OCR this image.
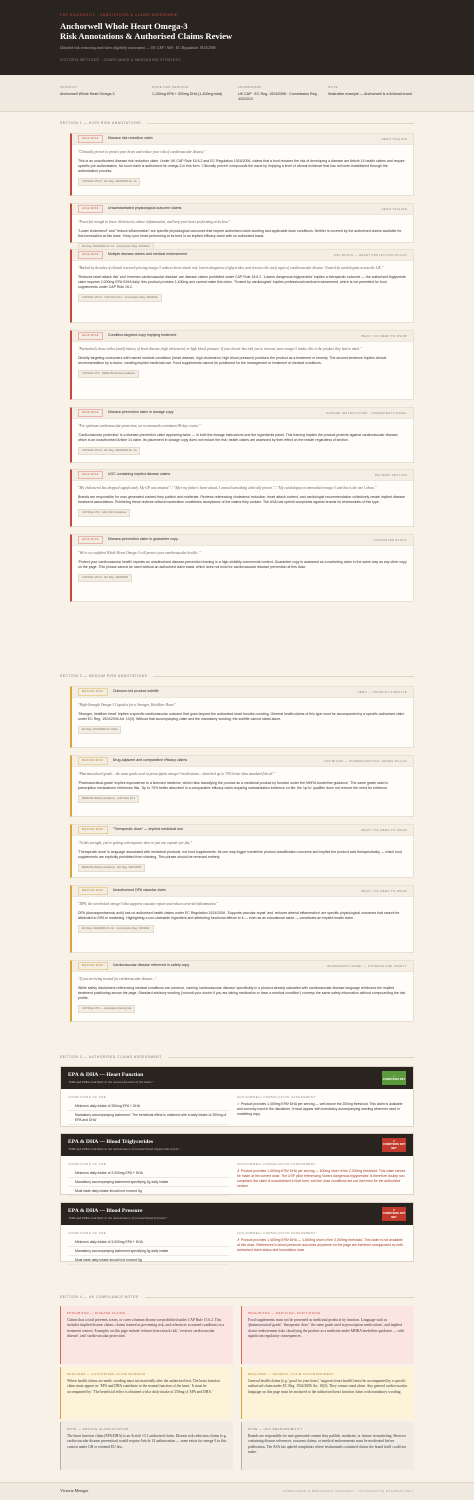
PDP DIAGNOSTIC · ANNOTATIONS & CLAIMS ASSESSMENT
Anchorwell Whole Heart Omega-3
Risk Annotations & Authorised Claims Review
Detailed risk reasoning and claim eligibility assessment — UK CAP / ASA · EC Regulation 1924/2006
VICTORIA METZGER · COMPLIANCE & MESSAGING STRATEGY
PRODUCT
Anchorwell Whole Heart Omega-3
DOSE PER SERVING
1,100mg EPA + 300mg DHA (1,400mg total)
FRAMEWORK
UK CAP · EC Reg. 1924/2006 · Commission Reg. 432/2012
NOTE
Illustrative example — Anchorwell is a fictional brand
SECTION 1 — HIGH RISK ANNOTATIONS
HIGH RISK	Disease risk reduction claim	HERO TAGLINE
"Clinically proven to protect your heart and reduce your risk of cardiovascular disease."
This is an unauthorised disease risk reduction claim. Under UK CAP Rule 15.6.2 and EC Regulation 1924/2006, claims that a food reduces the risk of developing a disease are Article 14 health claims and require specific pre-authorisation. No such claim is authorised for omega-3 in this form. 'Clinically proven' compounds the issue by implying a level of clinical evidence that has not been established through the authorisation process.
CAP Rule 15.6.2 · EC Reg. 1924/2006 Art. 14
HIGH RISK	Unsubstantiated physiological outcome claims	HERO TAGLINE
"Powerful enough to lower cholesterol, reduce inflammation, and keep your heart performing at its best."
"Lower cholesterol" and "reduce inflammation" are specific physiological outcomes that require authorised claim wording and applicable dose conditions. Neither is covered by the authorised claims available for this formulation at this dose. 'Keep your heart performing at its best' is an implied efficacy claim with no authorised basis.
EC Reg. 1924/2006 Art. 13 · Commission Reg. 432/2012
HIGH RISK	Multiple disease claims and medical endorsement	USP BLOCK — HEART PROTECTION PILLAR
"Backed by decades of clinical research proving omega-3 reduces heart attack risk, lowers dangerous triglycerides, and reverses the early signs of cardiovascular disease. Trusted by cardiologists across the UK."
'Reduces heart attack risk' and 'reverses cardiovascular disease' are disease claims prohibited under CAP Rule 15.6.2. 'Lowers dangerous triglycerides' implies a therapeutic outcome — the authorised triglyceride claim requires 2,000mg EPA+DHA daily; this product provides 1,400mg and cannot make this claim. 'Trusted by cardiologists' implies professional medical endorsement, which is not permitted for food supplements under CAP Rule 15.2.
CAP Rule 15.6.2 · CAP Rule 15.2 · Commission Reg. 432/2012
HIGH RISK	Condition-targeted copy implying treatment	WHAT YOU NEED TO KNOW
"Particularly those with a family history of heart disease, high cholesterol, or high blood pressure. If your doctor has told you to increase your omega-3 intake, this is the product they had in mind."
Directly targeting consumers with named medical conditions (heart disease, high cholesterol, high blood pressure) positions the product as a treatment or remedy. The second sentence implies clinical recommendation by a doctor, creating implied medicinal use. Food supplements cannot be positioned for the management or treatment of medical conditions.
CAP Rule 15.6 · MHRA Borderline Guidance
HIGH RISK	Disease-prevention claim in dosage copy	DOSAGE INSTRUCTIONS · INGREDIENTS PANEL
"For optimum cardiovascular protection, we recommend a minimum 90-day course."
'Cardiovascular protection' is a disease-prevention claim appearing twice — in both the dosage instructions and the ingredients panel. This framing implies the product protects against cardiovascular disease, which is an unauthorised Article 14 claim. Its placement in dosage copy does not reduce the risk; health claims are assessed by their effect on the reader regardless of section.
CAP Rule 15.6.2 · EC Reg. 1924/2006 Art. 14
HIGH RISK	UGC containing implied disease claims	REVIEWS SECTION
"My cholesterol has dropped significantly. My GP was amazed." / "After my father's heart attack, I wanted something clinically proven." / "My cardiologist recommended omega-3 and this is the one I chose."
Brands are responsible for user-generated content they publish and moderate. Reviews referencing cholesterol reduction, heart attack context, and cardiologist recommendation collectively create implied disease treatment associations. Publishing these reviews without moderation constitutes acceptance of the claims they contain. The ASA has upheld complaints against brands for testimonials of this type.
CAP Rule 15.6 · ASA UGC Guidance
HIGH RISK	Disease-prevention claim in guarantee copy	GUARANTEE BLOCK
"We're so confident Whole Heart Omega-3 will protect your cardiovascular health..."
'Protect your cardiovascular health' repeats an unauthorised disease-prevention framing in a high-visibility commercial context. Guarantee copy is assessed as a marketing claim in the same way as any other copy on the page. This phrase cannot be used without an authorised claim basis, which does not exist for cardiovascular disease prevention at this dose.
CAP Rule 15.6.2 · EC Reg. 1924/2006
SECTION 2 — MEDIUM RISK ANNOTATIONS
MEDIUM RISK	Outcome-led product subtitle	HERO — PRODUCT SUBTITLE
"High-Strength Omega-3 Capsules for a Stronger, Healthier Heart"
'Stronger, healthier heart' implies a specific cardiovascular outcome that goes beyond the authorised heart function wording. General health claims of this type must be accompanied by a specific authorised claim under EC Reg. 1924/2006 Art. 10(3). Without that accompanying claim and the mandatory wording, the subtitle cannot stand alone.
EC Reg. 1924/2006 Art. 10(3)
MEDIUM RISK	Drug-adjacent and comparative efficacy claims	USP BLOCK — PHARMACEUTICAL-GRADE PILLAR
"Pharmaceutical-grade... the same grade used in prescription omega-3 medications... absorbed up to 70% better than standard fish oil."
'Pharmaceutical-grade' implies equivalence to a licensed medicine, which risks classifying the product as a medicinal product by function under the MHRA borderline guidance. 'The same grade used in prescription medications' reinforces this. 'Up to 70% better absorbed' is a comparative efficacy claim requiring substantiation evidence on file; the 'up to' qualifier does not remove the need for evidence.
MHRA Borderline Guidance · CAP Rule 15.1
MEDIUM RISK	"Therapeutic dose" — implied medicinal use	WHAT YOU NEED TO KNOW
"At this strength, you're getting a therapeutic dose in just one capsule per day."
'Therapeutic dose' is language associated with medicinal products, not food supplements. Its use may trigger borderline product classification concerns and implies the product acts therapeutically — which food supplements are explicitly prohibited from claiming. This phrase should be removed entirely.
MHRA Borderline Guidance · EC Reg. 1924/2006
MEDIUM RISK	Unauthorised DPA vascular claim	WHAT YOU NEED TO KNOW
"DPA, the overlooked omega-3 that supports vascular repair and reduces arterial inflammation."
DPA (docosapentaenoic acid) has no authorised health claims under EC Regulation 1924/2006. 'Supports vascular repair' and 'reduces arterial inflammation' are specific physiological outcomes that cannot be attributed to DPA in marketing. Highlighting a non-claimable ingredient and attributing functional effects to it — even as an educational aside — constitutes an implied health claim.
EC Reg. 1924/2006 Art. 10 · Commission Reg. 432/2012
MEDIUM RISK	Cardiovascular disease reference in safety copy	INGREDIENTS PANEL — STORAGE AND SAFETY
"If you are being treated for cardiovascular disease..."
While safety disclaimers referencing medical conditions are common, naming 'cardiovascular disease' specifically in a product already saturated with cardiovascular disease language reinforces the implied treatment positioning across the page. Standard advisory wording ('consult your doctor if you are taking medication or have a medical condition') conveys the same safety information without compounding the risk profile.
CAP Rule 15.6 — cumulative framing risk
SECTION 3 — AUTHORISED CLAIMS ASSESSMENT
EPA & DHA — Heart Function
"EPA and DHA contribute to the normal function of the heart."
✓
CONDITIONS MET
CONDITIONS OF USE
·	Minimum daily intake of 250mg EPA + DHA
·	Mandatory accompanying statement: 'The beneficial effect is obtained with a daily intake of 250mg of EPA and DHA'
ANCHORWELL FORMULATION ASSESSMENT
✓ Product provides 1,400mg EPA+DHA per serving — well above the 250mg threshold. This claim is available and correctly used in the disclaimer. It must appear with mandatory accompanying wording wherever used in marketing copy.
EPA & DHA — Blood Triglycerides
"EPA and DHA contribute to the maintenance of normal blood triglyceride levels."
✗
CONDITIONS NOT MET
CONDITIONS OF USE
·	Minimum daily intake of 2,000mg EPA + DHA
·	Mandatory accompanying statement specifying 2g daily intake
·	Must state daily intake should not exceed 5g
ANCHORWELL FORMULATION ASSESSMENT
✗ Product provides 1,400mg EPA+DHA per serving — 600mg short of the 2,000mg threshold. This claim cannot be made at the current dose. The USP pillar referencing 'lowers dangerous triglycerides' is therefore doubly non-compliant: the claim is unauthorised in that form, and the dose conditions are not met even for the authorised version.
EPA & DHA — Blood Pressure
"EPA and DHA contribute to the maintenance of normal blood pressure."
✗
CONDITIONS NOT MET
CONDITIONS OF USE
·	Minimum daily intake of 3,000mg EPA + DHA
·	Mandatory accompanying statement specifying 3g daily intake
·	Must state daily intake should not exceed 5g
ANCHORWELL FORMULATION ASSESSMENT
✗ Product provides 1,400mg EPA+DHA — 1,600mg short of the 3,000mg threshold. This claim is not available at this dose. References to blood pressure outcomes anywhere on the page are therefore unsupported by both authorised claim status and formulation dose.
SECTION 4 — UK COMPLIANCE NOTES
PROHIBITED — DISEASE CLAIMS
Claims that a food prevents, treats, or cures a human disease are prohibited under CAP Rule 15.6.2. This includes implied disease claims, claims framed as preventing risk, and references to named conditions in a treatment context. Examples on this page include 'reduces heart attack risk', 'reverses cardiovascular disease', and 'cardiovascular protection'.
PROHIBITED — MEDICINAL POSITIONING
Food supplements must not be presented as medicinal products by function. Language such as 'pharmaceutical-grade', 'therapeutic dose', 'the same grade used in prescription medications', and implied doctor endorsement risks classifying the product as a medicine under MHRA borderline guidance — with significant regulatory consequences.
REQUIRED — AUTHORISED CLAIM WORDING
Where health claims are made, wording must not materially alter the authorised text. The heart function claim must appear as: 'EPA and DHA contribute to the normal function of the heart.' It must be accompanied by: 'The beneficial effect is obtained with a daily intake of 250mg of EPA and DHA.'
REQUIRED — GENERAL CLAIM ACCOMPANIMENT
General health claims (e.g. 'good for your heart', 'supports heart health') must be accompanied by a specific authorised claim under EC Reg. 1924/2006 Art. 10(3). They cannot stand alone. Any general cardiovascular language on this page must be anchored to the authorised heart function claim with mandatory wording.
NOTE — ARTICLE CLASSIFICATION
The heart function claim (EPA/DHA) is an Article 13.1 authorised claim. Disease risk reduction claims (e.g. cardiovascular disease prevention) would require Article 14 authorisation — none exists for omega-3 in this context under GB or retained EU law.
NOTE — UGC RESPONSIBILITY
Brands are responsible for user-generated content they publish, moderate, or feature in marketing. Reviews containing disease references, outcome claims, or medical endorsements must be moderated before publication. The ASA has upheld complaints where testimonials contained claims the brand itself could not make.
Victoria Metzger	COMPLIANCE & MESSAGING STRATEGY · ILLUSTRATIVE EXAMPLE ONLY
